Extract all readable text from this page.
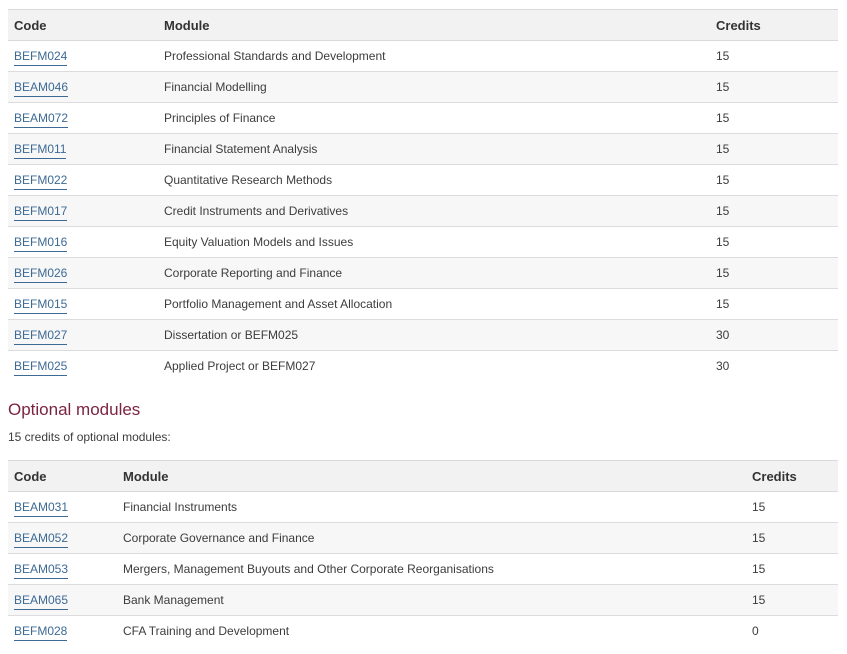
Code	Module	Credits
BEFM024	Professional Standards and Development	15
BEAM046	Financial Modelling	15
BEAM072	Principles of Finance	15
BEFM011	Financial Statement Analysis	15
BEFM022	Quantitative Research Methods	15
BEFM017	Credit Instruments and Derivatives	15
BEFM016	Equity Valuation Models and Issues	15
BEFM026	Corporate Reporting and Finance	15
BEFM015	Portfolio Management and Asset Allocation	15
BEFM027	Dissertation or BEFM025	30
BEFM025	Applied Project or BEFM027	30
Optional modules

15 credits of optional modules:

Code	Module	Credits
BEAM031	Financial Instruments	15
BEAM052	Corporate Governance and Finance	15
BEAM053	Mergers, Management Buyouts and Other Corporate Reorganisations	15
BEAM065	Bank Management	15
BEFM028	CFA Training and Development	0
